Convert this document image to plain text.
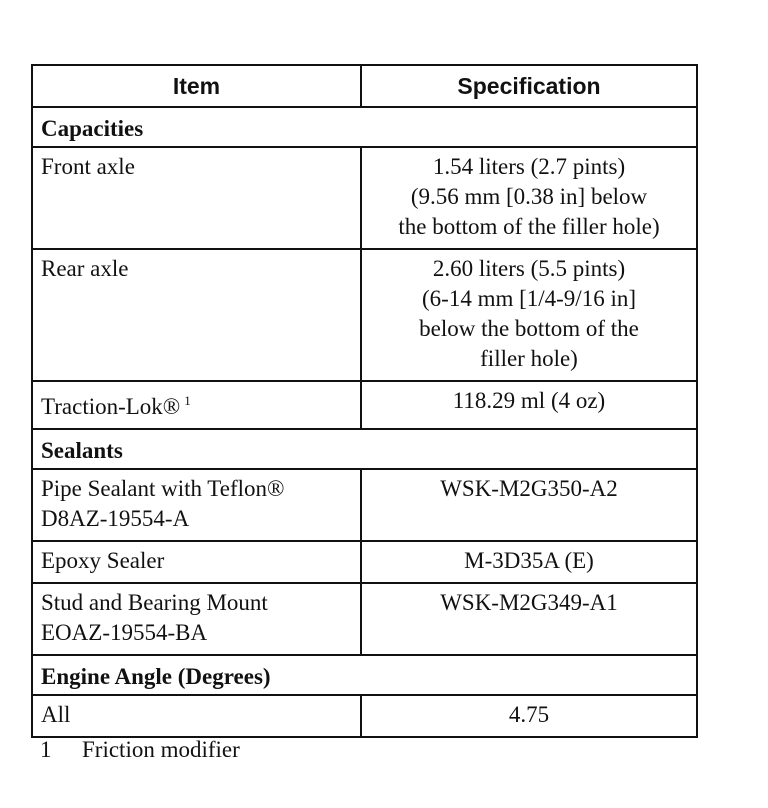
Item	Specification
Capacities	

Front axle	1.54 liters (2.7 pints)
(9.56 mm [0.38 in] below
the bottom of the filler hole)

Rear axle	2.60 liters (5.5 pints)
(6-14 mm [1/4-9/16 in]
below the bottom of the
filler hole)

Traction-Lok® $^1$	118.29 ml (4 oz)

Sealants	

Pipe Sealant with Teflon®
D8AZ-19554-A	WSK-M2G350-A2

Epoxy Sealer	M-3D35A (E)

Stud and Bearing Mount
EOAZ-19554-BA	WSK-M2G349-A1

Engine Angle (Degrees)	

All	4.75
1 Friction modifier
